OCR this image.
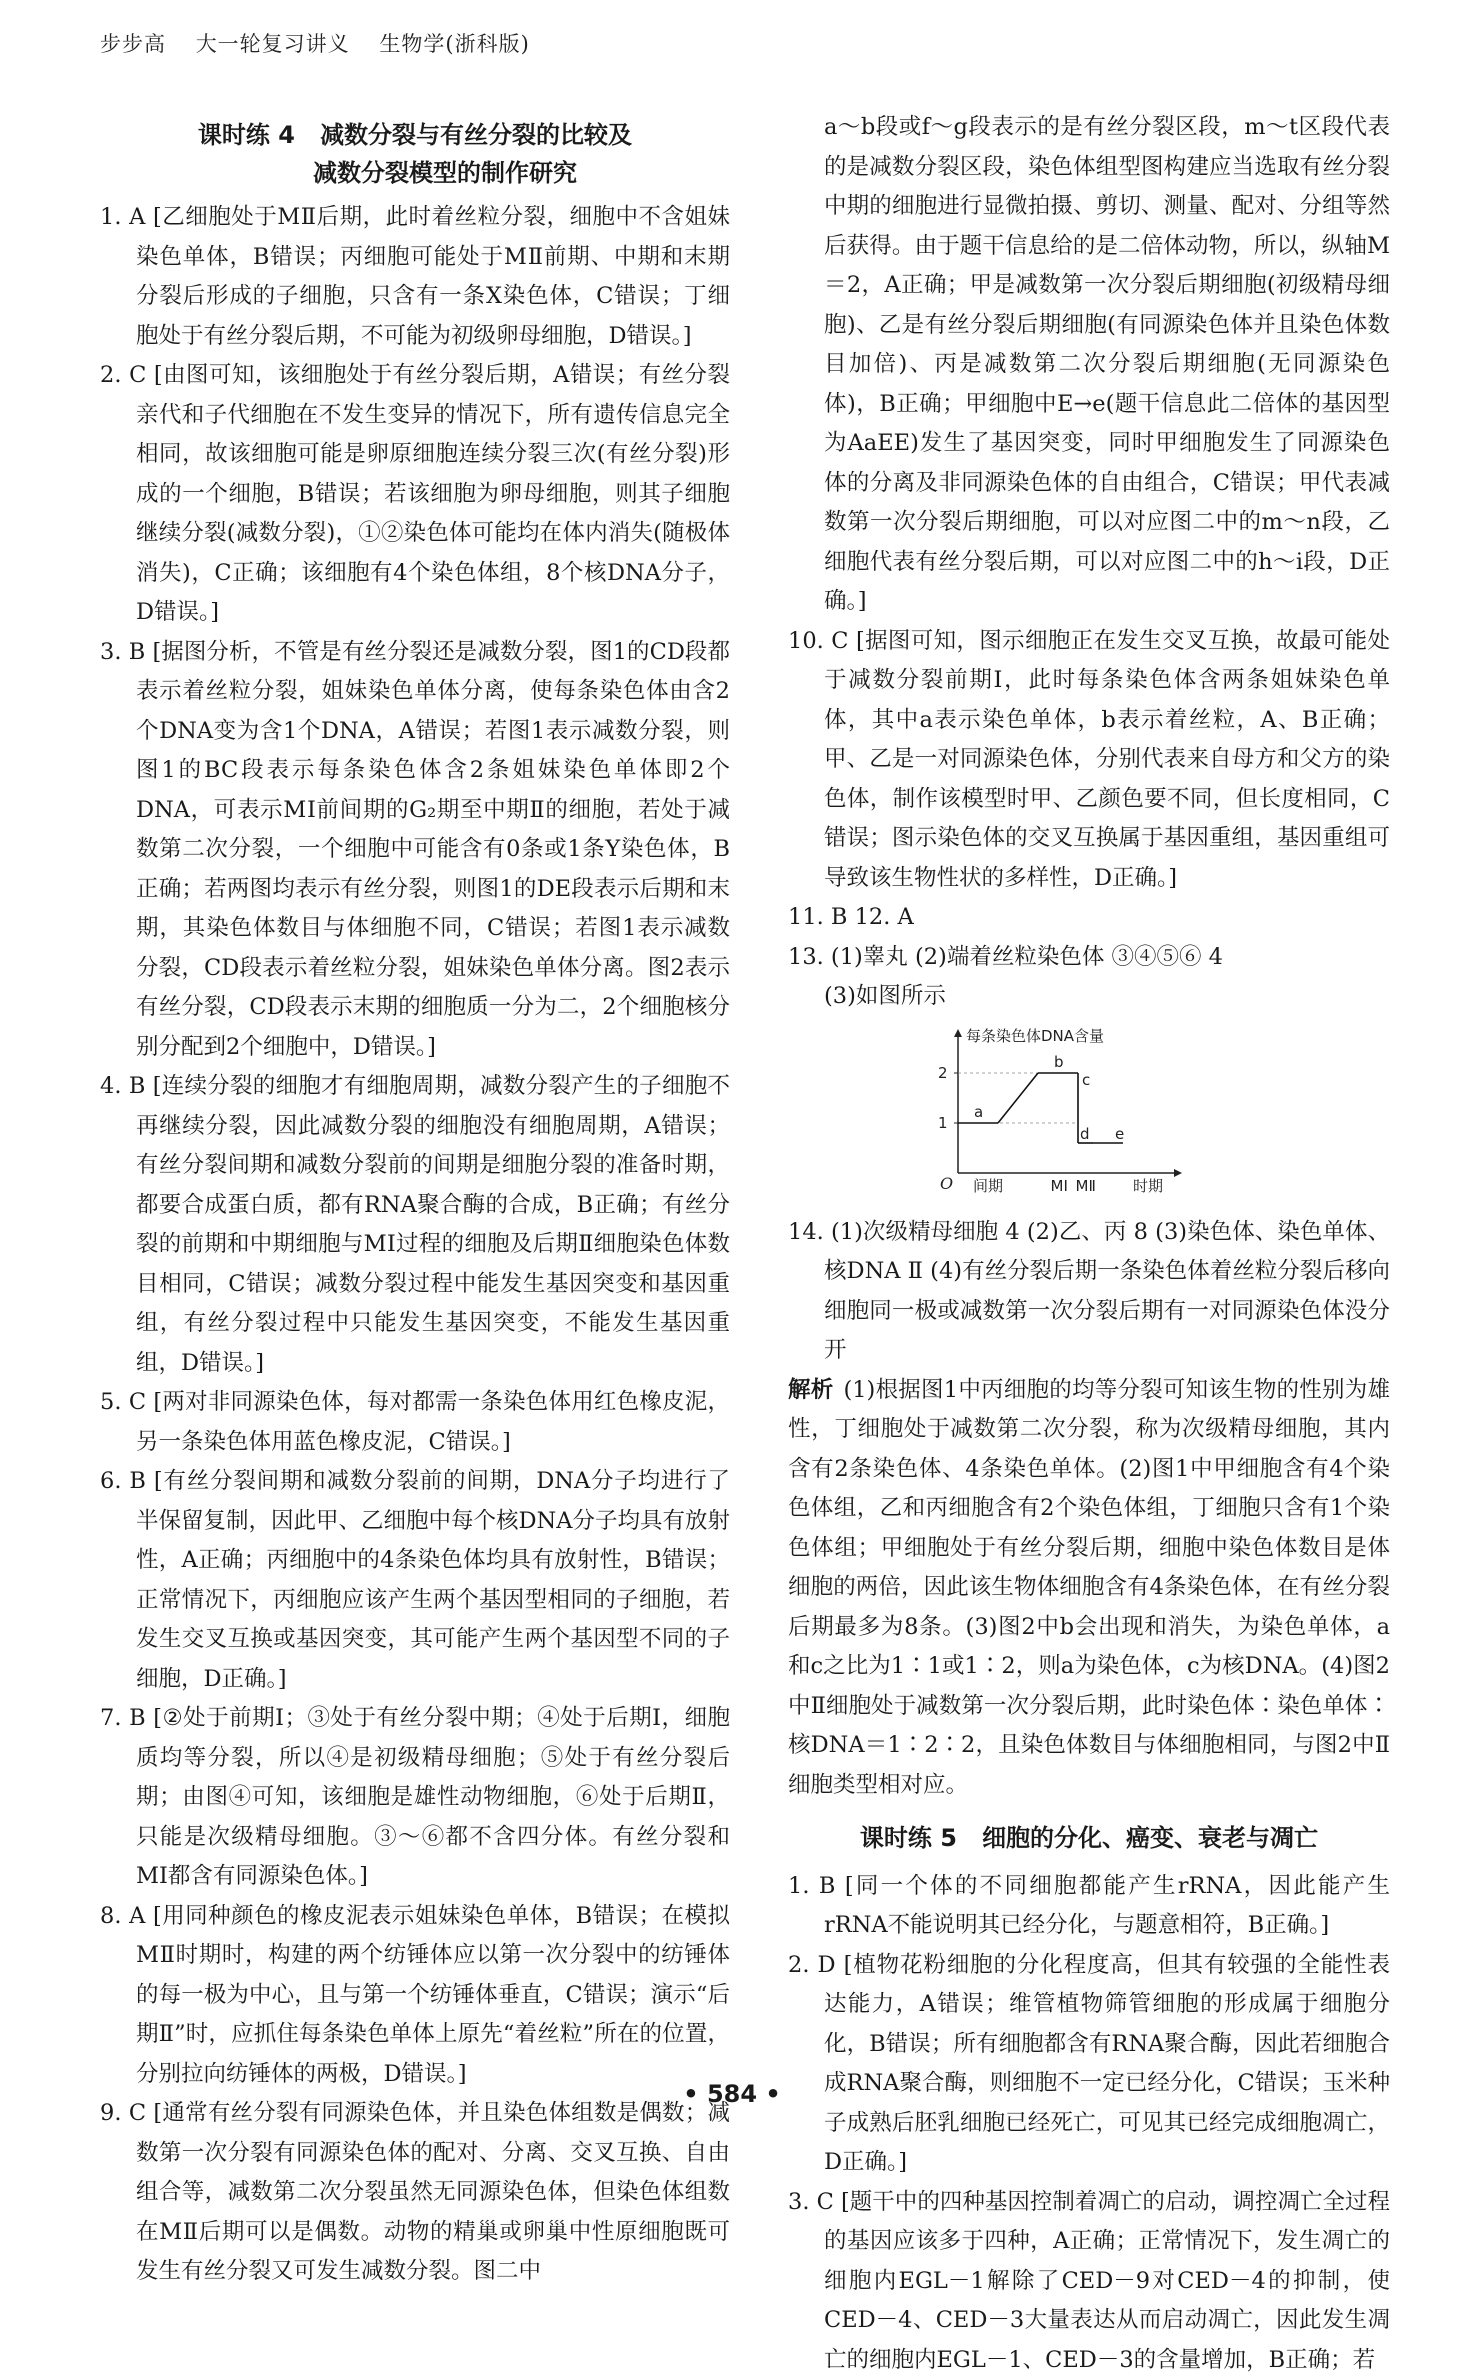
步步高 大一轮复习讲义 生物学(浙科版)
课时练 4 减数分裂与有丝分裂的比较及
减数分裂模型的制作研究

1. A [乙细胞处于MⅡ后期，此时着丝粒分裂，细胞中不含姐妹染色单体，B错误；丙细胞可能处于MⅡ前期、中期和末期分裂后形成的子细胞，只含有一条X染色体，C错误；丁细胞处于有丝分裂后期，不可能为初级卵母细胞，D错误。]

2. C [由图可知，该细胞处于有丝分裂后期，A错误；有丝分裂亲代和子代细胞在不发生变异的情况下，所有遗传信息完全相同，故该细胞可能是卵原细胞连续分裂三次(有丝分裂)形成的一个细胞，B错误；若该细胞为卵母细胞，则其子细胞继续分裂(减数分裂)，①②染色体可能均在体内消失(随极体消失)，C正确；该细胞有4个染色体组，8个核DNA分子，D错误。]

3. B [据图分析，不管是有丝分裂还是减数分裂，图1的CD段都表示着丝粒分裂，姐妹染色单体分离，使每条染色体由含2个DNA变为含1个DNA，A错误；若图1表示减数分裂，则图1的BC段表示每条染色体含2条姐妹染色单体即2个DNA，可表示MⅠ前间期的G₂期至中期Ⅱ的细胞，若处于减数第二次分裂，一个细胞中可能含有0条或1条Y染色体，B正确；若两图均表示有丝分裂，则图1的DE段表示后期和末期，其染色体数目与体细胞不同，C错误；若图1表示减数分裂，CD段表示着丝粒分裂，姐妹染色单体分离。图2表示有丝分裂，CD段表示末期的细胞质一分为二，2个细胞核分别分配到2个细胞中，D错误。]

4. B [连续分裂的细胞才有细胞周期，减数分裂产生的子细胞不再继续分裂，因此减数分裂的细胞没有细胞周期，A错误；有丝分裂间期和减数分裂前的间期是细胞分裂的准备时期，都要合成蛋白质，都有RNA聚合酶的合成，B正确；有丝分裂的前期和中期细胞与MⅠ过程的细胞及后期Ⅱ细胞染色体数目相同，C错误；减数分裂过程中能发生基因突变和基因重组，有丝分裂过程中只能发生基因突变，不能发生基因重组，D错误。]

5. C [两对非同源染色体，每对都需一条染色体用红色橡皮泥，另一条染色体用蓝色橡皮泥，C错误。]

6. B [有丝分裂间期和减数分裂前的间期，DNA分子均进行了半保留复制，因此甲、乙细胞中每个核DNA分子均具有放射性，A正确；丙细胞中的4条染色体均具有放射性，B错误；正常情况下，丙细胞应该产生两个基因型相同的子细胞，若发生交叉互换或基因突变，其可能产生两个基因型不同的子细胞，D正确。]

7. B [②处于前期Ⅰ；③处于有丝分裂中期；④处于后期Ⅰ，细胞质均等分裂，所以④是初级精母细胞；⑤处于有丝分裂后期；由图④可知，该细胞是雄性动物细胞，⑥处于后期Ⅱ，只能是次级精母细胞。③～⑥都不含四分体。有丝分裂和MⅠ都含有同源染色体。]

8. A [用同种颜色的橡皮泥表示姐妹染色单体，B错误；在模拟MⅡ时期时，构建的两个纺锤体应以第一次分裂中的纺锤体的每一极为中心，且与第一个纺锤体垂直，C错误；演示“后期Ⅱ”时，应抓住每条染色单体上原先“着丝粒”所在的位置，分别拉向纺锤体的两极，D错误。]

9. C [通常有丝分裂有同源染色体，并且染色体组数是偶数；减数第一次分裂有同源染色体的配对、分离、交叉互换、自由组合等，减数第二次分裂虽然无同源染色体，但染色体组数在MⅡ后期可以是偶数。动物的精巢或卵巢中性原细胞既可发生有丝分裂又可发生减数分裂。图二中

a～b段或f～g段表示的是有丝分裂区段，m～t区段代表的是减数分裂区段，染色体组型图构建应当选取有丝分裂中期的细胞进行显微拍摄、剪切、测量、配对、分组等然后获得。由于题干信息给的是二倍体动物，所以，纵轴M＝2，A正确；甲是减数第一次分裂后期细胞(初级精母细胞)、乙是有丝分裂后期细胞(有同源染色体并且染色体数目加倍)、丙是减数第二次分裂后期细胞(无同源染色体)，B正确；甲细胞中E→e(题干信息此二倍体的基因型为AaEE)发生了基因突变，同时甲细胞发生了同源染色体的分离及非同源染色体的自由组合，C错误；甲代表减数第一次分裂后期细胞，可以对应图二中的m～n段，乙细胞代表有丝分裂后期，可以对应图二中的h～i段，D正确。]

10. C [据图可知，图示细胞正在发生交叉互换，故最可能处于减数分裂前期Ⅰ，此时每条染色体含两条姐妹染色单体，其中a表示染色单体，b表示着丝粒，A、B正确；甲、乙是一对同源染色体，分别代表来自母方和父方的染色体，制作该模型时甲、乙颜色要不同，但长度相同，C错误；图示染色体的交叉互换属于基因重组，基因重组可导致该生物性状的多样性，D正确。]

11. B 12. A

13. (1)睾丸 (2)端着丝粒染色体 ③④⑤⑥ 4

(3)如图所示

每条染色体DNA含量
O
1
2
间期	MⅠ MⅡ 时期
a
b
c
d e

14. (1)次级精母细胞 4 (2)乙、丙 8 (3)染色体、染色单体、核DNA Ⅱ (4)有丝分裂后期一条染色体着丝粒分裂后移向细胞同一极或减数第一次分裂后期有一对同源染色体没分开

解析 (1)根据图1中丙细胞的均等分裂可知该生物的性别为雄性，丁细胞处于减数第二次分裂，称为次级精母细胞，其内含有2条染色体、4条染色单体。(2)图1中甲细胞含有4个染色体组，乙和丙细胞含有2个染色体组，丁细胞只含有1个染色体组；甲细胞处于有丝分裂后期，细胞中染色体数目是体细胞的两倍，因此该生物体细胞含有4条染色体，在有丝分裂后期最多为8条。(3)图2中b会出现和消失，为染色单体，a和c之比为1∶1或1∶2，则a为染色体，c为核DNA。(4)图2中Ⅱ细胞处于减数第一次分裂后期，此时染色体∶染色单体∶核DNA＝1∶2∶2，且染色体数目与体细胞相同，与图2中Ⅱ细胞类型相对应。

课时练 5 细胞的分化、癌变、衰老与凋亡

1. B [同一个体的不同细胞都能产生rRNA，因此能产生rRNA不能说明其已经分化，与题意相符，B正确。]

2. D [植物花粉细胞的分化程度高，但其有较强的全能性表达能力，A错误；维管植物筛管细胞的形成属于细胞分化，B错误；所有细胞都含有RNA聚合酶，因此若细胞合成RNA聚合酶，则细胞不一定已经分化，C错误；玉米种子成熟后胚乳细胞已经死亡，可见其已经完成细胞凋亡，D正确。]

3. C [题干中的四种基因控制着凋亡的启动，调控凋亡全过程的基因应该多于四种，A正确；正常情况下，发生凋亡的细胞内EGL－1解除了CED－9对CED－4的抑制，使CED－4、CED－3大量表达从而启动凋亡，因此发生凋亡的细胞内EGL－1、CED－3的含量增加，B正确；若

• 584 •
